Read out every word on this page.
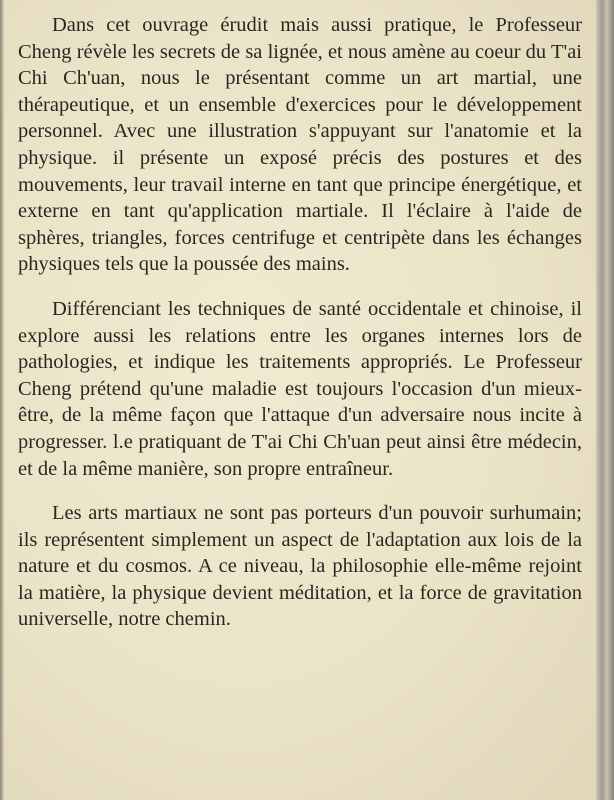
Dans cet ouvrage érudit mais aussi pratique, le Professeur Cheng révèle les secrets de sa lignée, et nous amène au coeur du T'ai Chi Ch'uan, nous le présentant comme un art martial, une thérapeutique, et un ensemble d'exercices pour le développement personnel. Avec une illustration s'appuyant sur l'anatomie et la physique. il présente un exposé précis des postures et des mouvements, leur travail interne en tant que principe énergétique, et externe en tant qu'application martiale. Il l'éclaire à l'aide de sphères, triangles, forces centrifuge et centripète dans les échanges physiques tels que la poussée des mains.

Différenciant les techniques de santé occidentale et chinoise, il explore aussi les relations entre les organes internes lors de pathologies, et indique les traitements appropriés. Le Professeur Cheng prétend qu'une maladie est toujours l'occasion d'un mieux-être, de la même façon que l'attaque d'un adversaire nous incite à progresser. l.e pratiquant de T'ai Chi Ch'uan peut ainsi être médecin, et de la même manière, son propre entraîneur.

Les arts martiaux ne sont pas porteurs d'un pouvoir surhumain; ils représentent simplement un aspect de l'adaptation aux lois de la nature et du cosmos. A ce niveau, la philosophie elle-même rejoint la matière, la physique devient méditation, et la force de gravitation universelle, notre chemin.
